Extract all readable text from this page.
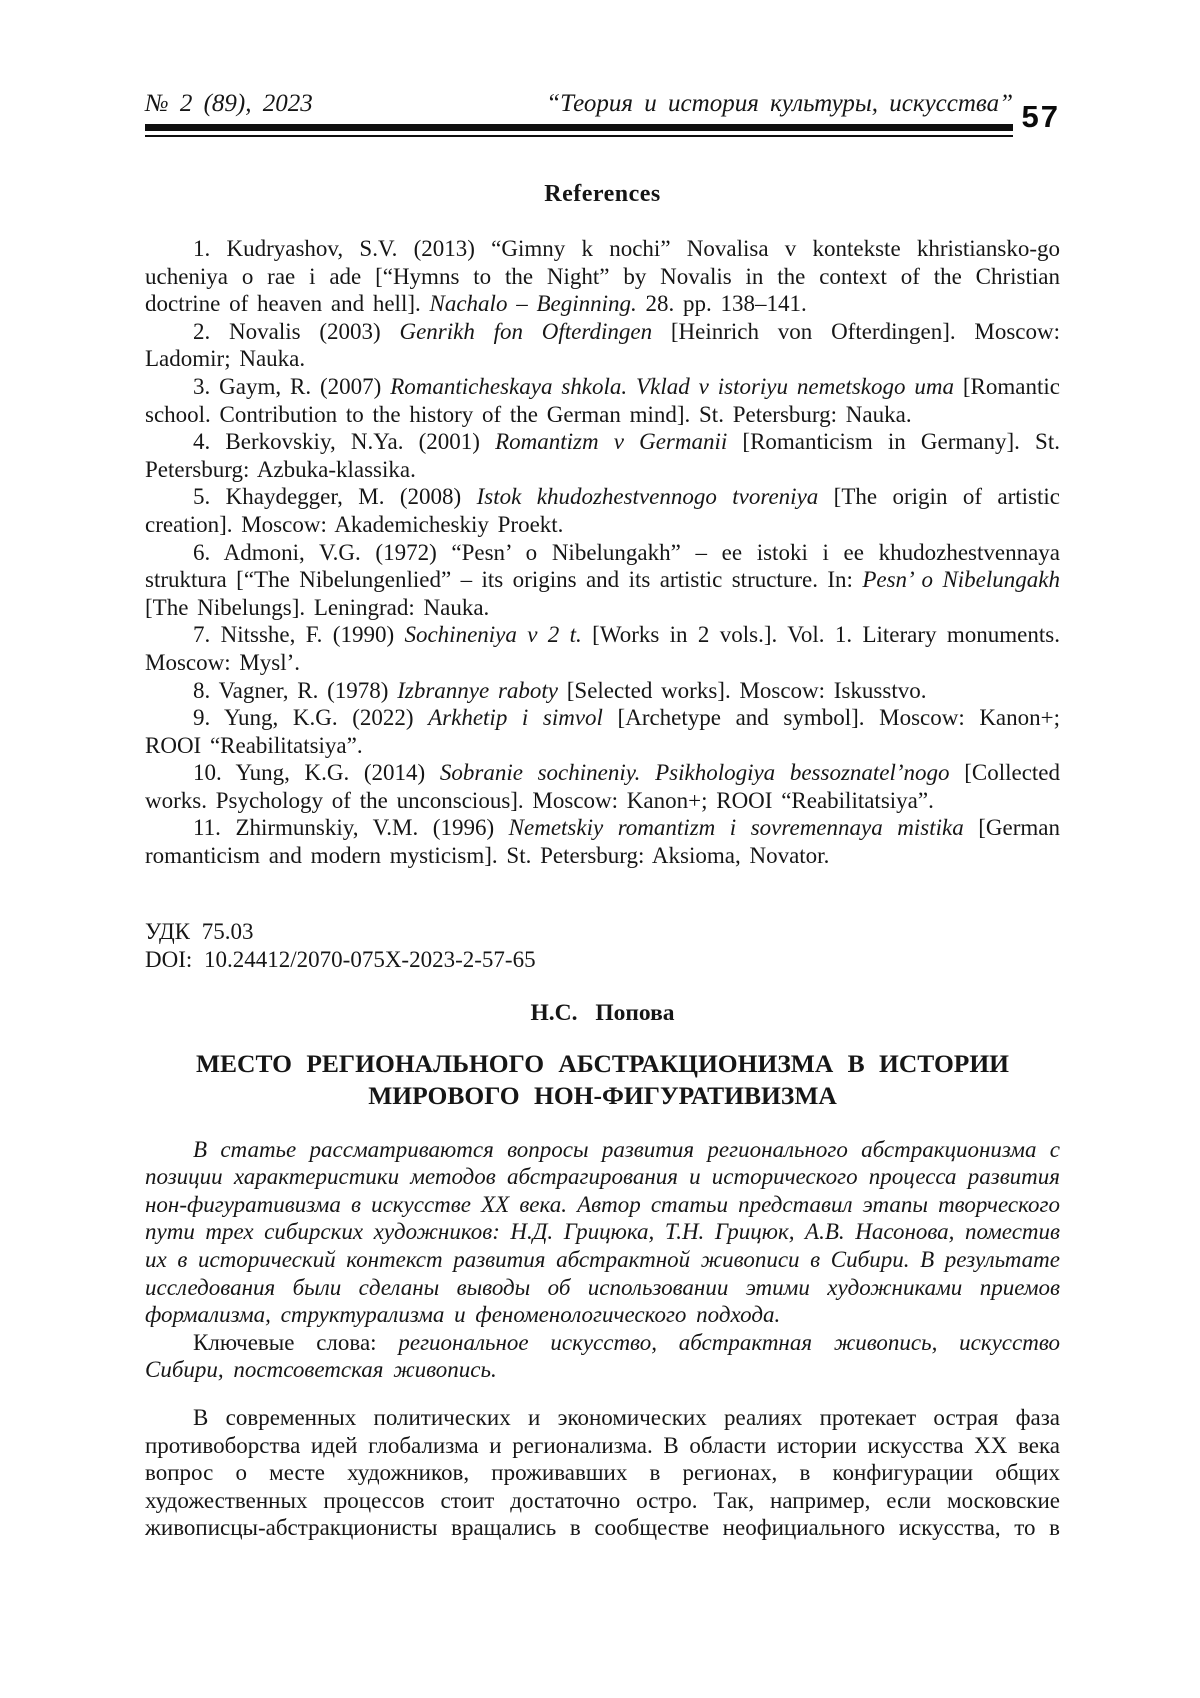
№ 2 (89), 2023	“Теория и история культуры, искусства” 57
References

1. Kudryashov, S.V. (2013) “Gimny k nochi” Novalisa v kontekste khristiansko-go ucheniya o rae i ade [“Hymns to the Night” by Novalis in the context of the Christian doctrine of heaven and hell]. Nachalo – Beginning. 28. pp. 138–141.

2. Novalis (2003) Genrikh fon Ofterdingen [Heinrich von Ofterdingen]. Moscow: Ladomir; Nauka.

3. Gaym, R. (2007) Romanticheskaya shkola. Vklad v istoriyu nemetskogo uma [Romantic school. Contribution to the history of the German mind]. St. Petersburg: Nauka.

4. Berkovskiy, N.Ya. (2001) Romantizm v Germanii [Romanticism in Germany]. St. Petersburg: Azbuka-klassika.

5. Khaydegger, M. (2008) Istok khudozhestvennogo tvoreniya [The origin of artistic creation]. Moscow: Akademicheskiy Proekt.

6. Admoni, V.G. (1972) “Pesn’ o Nibelungakh” – ee istoki i ee khudozhestvennaya struktura [“The Nibelungenlied” – its origins and its artistic structure. In: Pesn’ o Nibelungakh [The Nibelungs]. Leningrad: Nauka.

7. Nitsshe, F. (1990) Sochineniya v 2 t. [Works in 2 vols.]. Vol. 1. Literary monuments. Moscow: Mysl’.

8. Vagner, R. (1978) Izbrannye raboty [Selected works]. Moscow: Iskusstvo.

9. Yung, K.G. (2022) Arkhetip i simvol [Archetype and symbol]. Moscow: Kanon+; ROOI “Reabilitatsiya”.

10. Yung, K.G. (2014) Sobranie sochineniy. Psikhologiya bessoznatel’nogo [Collected works. Psychology of the unconscious]. Moscow: Kanon+; ROOI “Reabilitatsiya”.

11. Zhirmunskiy, V.M. (1996) Nemetskiy romantizm i sovremennaya mistika [German romanticism and modern mysticism]. St. Petersburg: Aksioma, Novator.

УДК 75.03
DOI: 10.24412/2070-075X-2023-2-57-65
Н.С. Попова
МЕСТО РЕГИОНАЛЬНОГО АБСТРАКЦИОНИЗМА В ИСТОРИИ
МИРОВОГО НОН-ФИГУРАТИВИЗМА

В статье рассматриваются вопросы развития регионального абстракционизма с позиции характеристики методов абстрагирования и исторического процесса развития нон-фигуративизма в искусстве XX века. Автор статьи представил этапы творческого пути трех сибирских художников: Н.Д. Грицюка, Т.Н. Грицюк, А.В. Насонова, поместив их в исторический контекст развития абстрактной живописи в Сибири. В результате исследования были сделаны выводы об использовании этими художниками приемов формализма, структурализма и феноменологического подхода.

Ключевые слова: региональное искусство, абстрактная живопись, искусство Сибири, постсоветская живопись.

В современных политических и экономических реалиях протекает острая фаза противоборства идей глобализма и регионализма. В области истории искусства XX века вопрос о месте художников, проживавших в регионах, в конфигурации общих художественных процессов стоит достаточно остро. Так, например, если московские живописцы-абстракционисты вращались в сообществе неофициального искусства, то в
